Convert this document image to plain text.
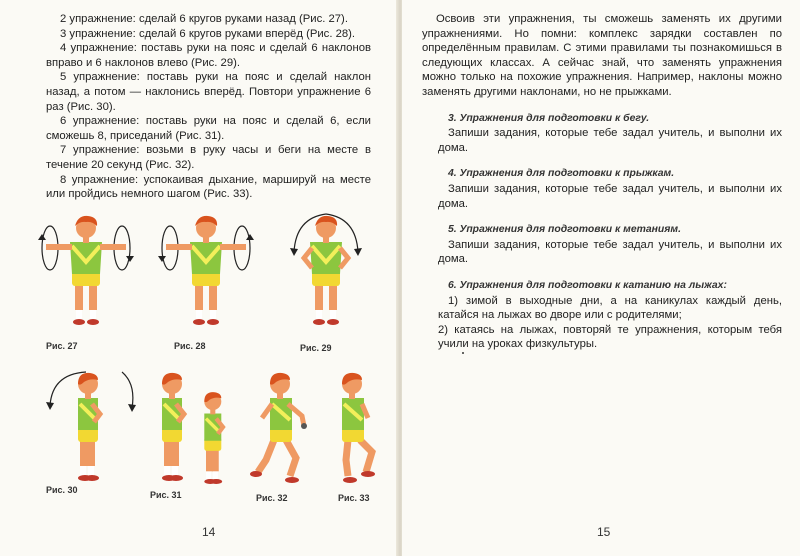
2 упражнение: сделай 6 кругов руками назад (Рис. 27).

3 упражнение: сделай 6 кругов руками вперёд (Рис. 28).

4 упражнение: поставь руки на пояс и сделай 6 наклонов вправо и 6 наклонов влево (Рис. 29).

5 упражнение: поставь руки на пояс и сделай наклон назад, а потом — наклонись вперёд. Повтори упражнение 6 раз (Рис. 30).

6 упражнение: поставь руки на пояс и сделай 6, если сможешь 8, приседаний (Рис. 31).

7 упражнение: возьми в руку часы и беги на месте в течение 20 секунд (Рис. 32).

8 упражнение: успокаивая дыхание, маршируй на месте или пройдись немного шагом (Рис. 33).

Рис. 27	Рис. 28	Рис. 29
Рис. 30	Рис. 31	Рис. 32	Рис. 33
14

Освоив эти упражнения, ты сможешь заменять их другими упражнениями. Но помни: комплекс зарядки составлен по определённым правилам. С этими правилами ты познакомишься в следующих классах. А сейчас знай, что заменять упражнения можно только на похожие упражнения. Например, наклоны можно заменять другими наклонами, но не прыжками.

3. Упражнения для подготовки к бегу.

Запиши задания, которые тебе задал учитель, и выполни их дома.

4. Упражнения для подготовки к прыжкам.

Запиши задания, которые тебе задал учитель, и выполни их дома.

5. Упражнения для подготовки к метаниям.

Запиши задания, которые тебе задал учитель, и выполни их дома.

6. Упражнения для подготовки к катанию на лыжах:

1) зимой в выходные дни, а на каникулах каждый день, катайся на лыжах во дворе или с родителями;

2) катаясь на лыжах, повторяй те упражнения, которым тебя учили на уроках физкультуры.

15
